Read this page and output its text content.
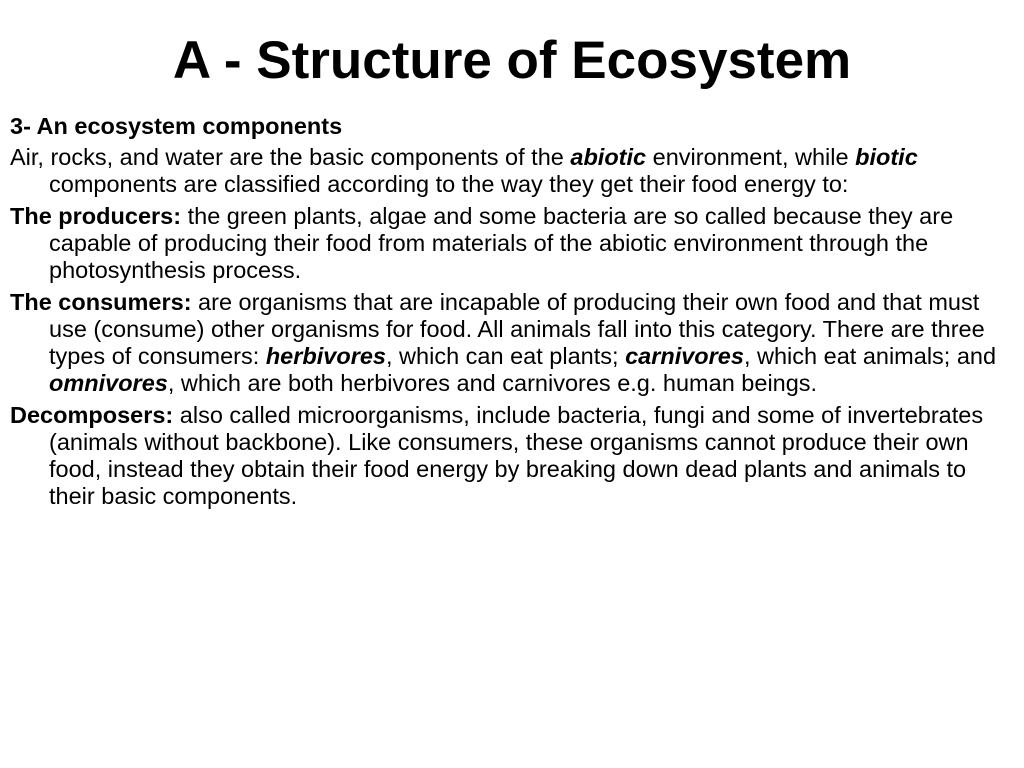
A - Structure of Ecosystem

3- An ecosystem components

Air, rocks, and water are the basic components of the abiotic environment, while biotic components are classified according to the way they get their food energy to:

The producers: the green plants, algae and some bacteria are so called because they are capable of producing their food from materials of the abiotic environment through the photosynthesis process.

The consumers: are organisms that are incapable of producing their own food and that must use (consume) other organisms for food. All animals fall into this category. There are three types of consumers: herbivores, which can eat plants; carnivores, which eat animals; and omnivores, which are both herbivores and carnivores e.g. human beings.

Decomposers: also called microorganisms, include bacteria, fungi and some of invertebrates (animals without backbone). Like consumers, these organisms cannot produce their own food, instead they obtain their food energy by breaking down dead plants and animals to their basic components.
